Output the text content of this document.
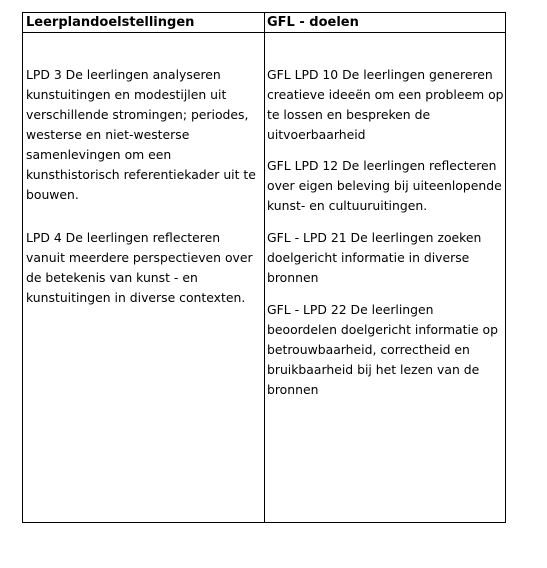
Leerplandoelstellingen	GFL - doelen

LPD 3 De leerlingen analyseren kunstuitingen en modestijlen uit verschillende stromingen; periodes, westerse en niet-westerse samenlevingen om een kunsthistorisch referentiekader uit te bouwen.

LPD 4 De leerlingen reflecteren vanuit meerdere perspectieven over de betekenis van kunst - en kunstuitingen in diverse contexten.

GFL LPD 10 De leerlingen genereren creatieve ideeën om een probleem op te lossen en bespreken de uitvoerbaarheid

GFL LPD 12 De leerlingen reflecteren over eigen beleving bij uiteenlopende kunst- en cultuuruitingen.

GFL - LPD 21 De leerlingen zoeken doelgericht informatie in diverse bronnen

GFL - LPD 22 De leerlingen beoordelen doelgericht informatie op betrouwbaarheid, correctheid en bruikbaarheid bij het lezen van de bronnen
